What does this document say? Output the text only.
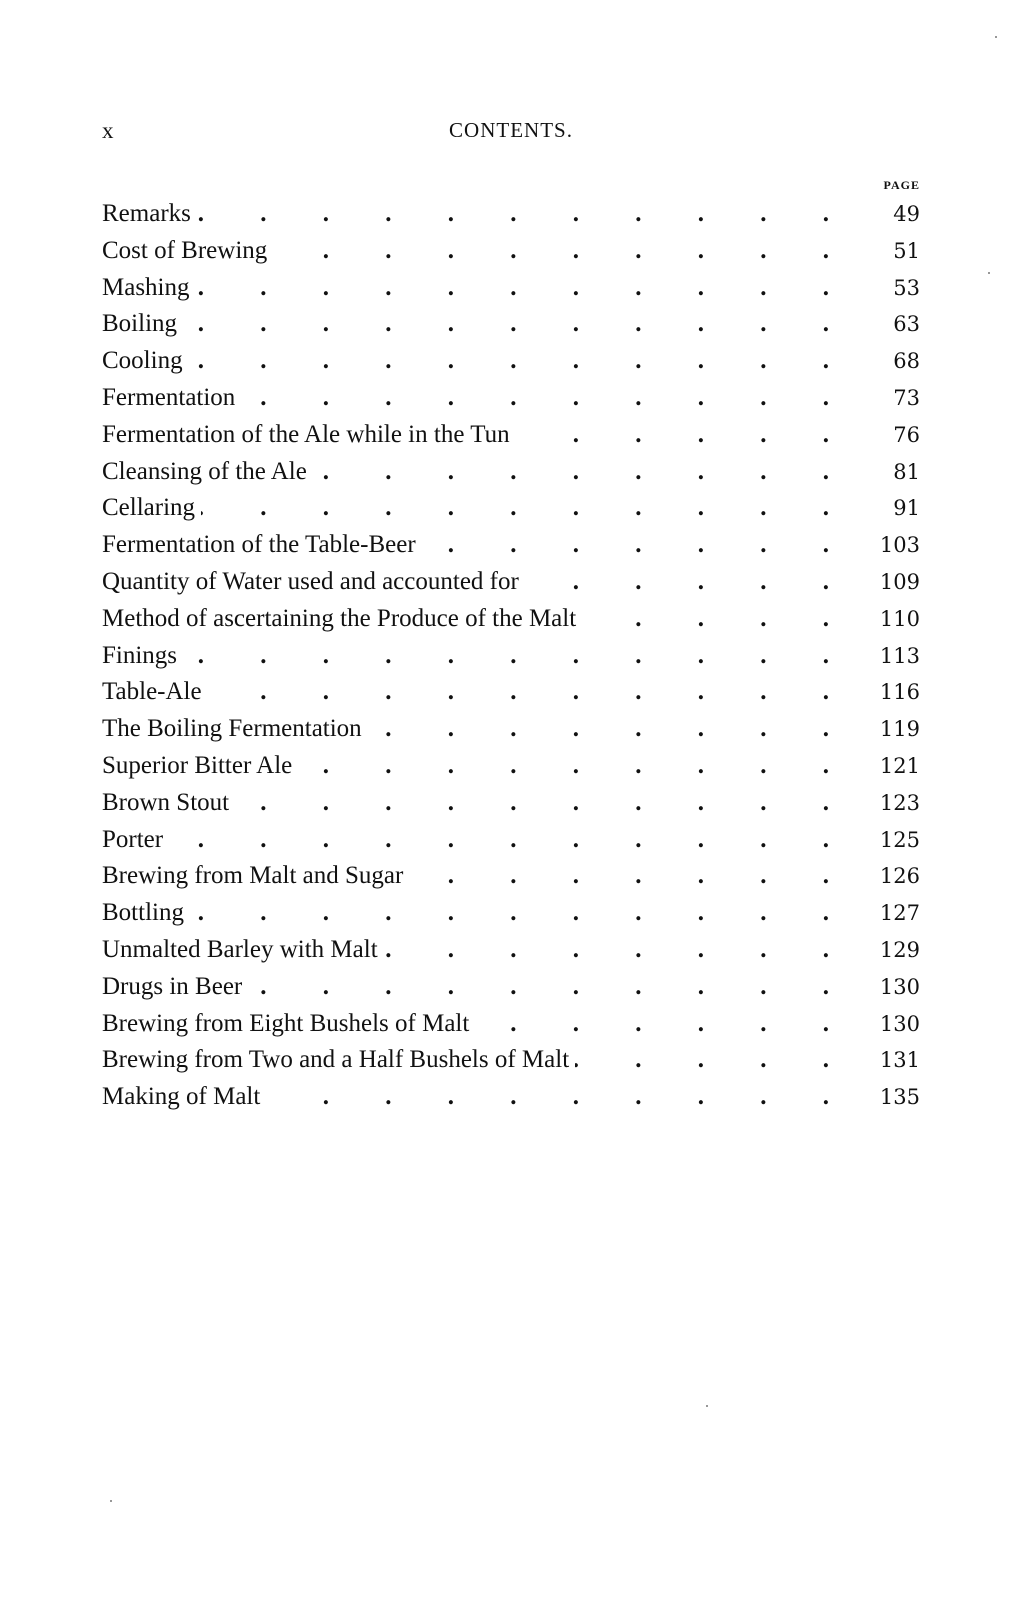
x	CONTENTS.
PAGE
Remarks . . .	49
Cost of Brewing . . .	51
Mashing . . .	53
Boiling . . .	63
Cooling . . .	68
Fermentation . . .	73
Fermentation of the Ale while in the Tun . . .	76
Cleansing of the Ale . . .	81
Cellaring . . .	91
Fermentation of the Table-Beer . . .	103
Quantity of Water used and accounted for . . .	109
Method of ascertaining the Produce of the Malt . . .	110
Finings . . .	113
Table-Ale . . .	116
The Boiling Fermentation . . .	119
Superior Bitter Ale . . .	121
Brown Stout . . .	123
Porter . . .	125
Brewing from Malt and Sugar . . .	126
Bottling . . .	127
Unmalted Barley with Malt . . .	129
Drugs in Beer . . .	130
Brewing from Eight Bushels of Malt . . .	130
Brewing from Two and a Half Bushels of Malt . . .	131
Making of Malt . . .	135
